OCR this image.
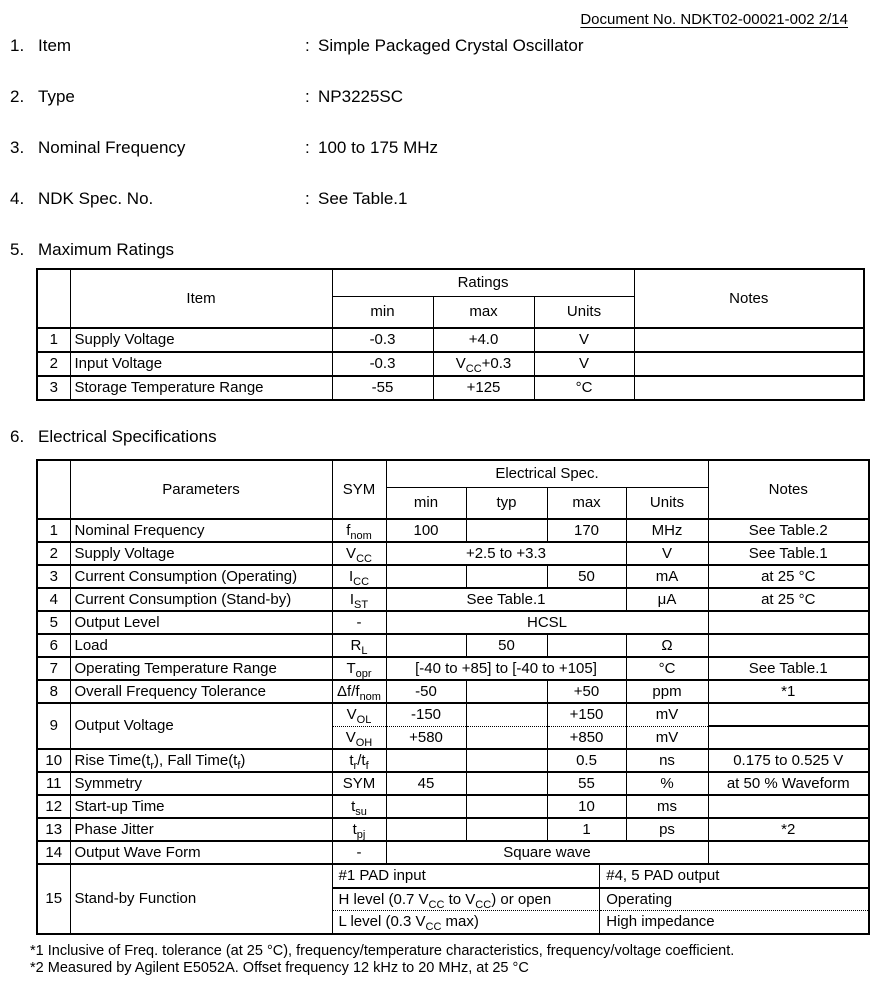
Document No. NDKT02-00021-002 2/14
1. Item	: Simple Packaged Crystal Oscillator
2. Type	: NP3225SC
3. Nominal Frequency	: 100 to 175 MHz
4. NDK Spec. No.	: See Table.1
5. Maximum Ratings
	Item	Ratings			Notes
		min	max	Units	
1	Supply Voltage	-0.3	+4.0	V	
2	Input Voltage	-0.3	$V_{CC}+0.3$	V	
3	Storage Temperature Range	-55	+125	°C	
6. Electrical Specifications
	Parameters	SYM	Electrical Spec.				Notes
			min	typ	max	Units	
1	Nominal Frequency	$f_{nom}$	100		170	MHz	See Table.2
2	Supply Voltage	$V_{CC}$	+2.5 to +3.3			V	See Table.1
3	Current Consumption (Operating)	$I_{CC}$			50	mA	at 25 °C
4	Current Consumption (Stand-by)	$I_{ST}$	See Table.1			μA	at 25 °C
5	Output Level	-	HCSL				
6	Load	$R_L$		50		Ω	
7	Operating Temperature Range	$T_{opr}$	[-40 to +85] to [-40 to +105]			°C	See Table.1
8	Overall Frequency Tolerance	$\Delta f/f_{nom}$	-50		+50	ppm	*1
9	Output Voltage	$V_{OL}$	-150		+150	mV	
		$V_{OH}$	+580		+850	mV	
10	Rise $Time(t_r)$, Fall $Time(t_f)$	$t_r/t_f$			0.5	ns	0.175 to 0.525 V
11	Symmetry	SYM	45		55	%	at 50 % Waveform
12	Start-up Time	$t_{su}$			10	ms	
13	Phase Jitter	$t_{pj}$			1	ps	*2
14	Output Wave Form	-	Square wave				
15	Stand-by Function	
#1 PAD input	#4, 5 PAD output
H level (0.7 $V_{CC}$ to $V_{CC}$) or open	Operating
L level (0.3 $V_{CC}$ max)	High impedance
*1 Inclusive of Freq. tolerance (at 25 °C), frequency/temperature characteristics, frequency/voltage coefficient.
*2 Measured by Agilent E5052A. Offset frequency 12 kHz to 20 MHz, at 25 °C
